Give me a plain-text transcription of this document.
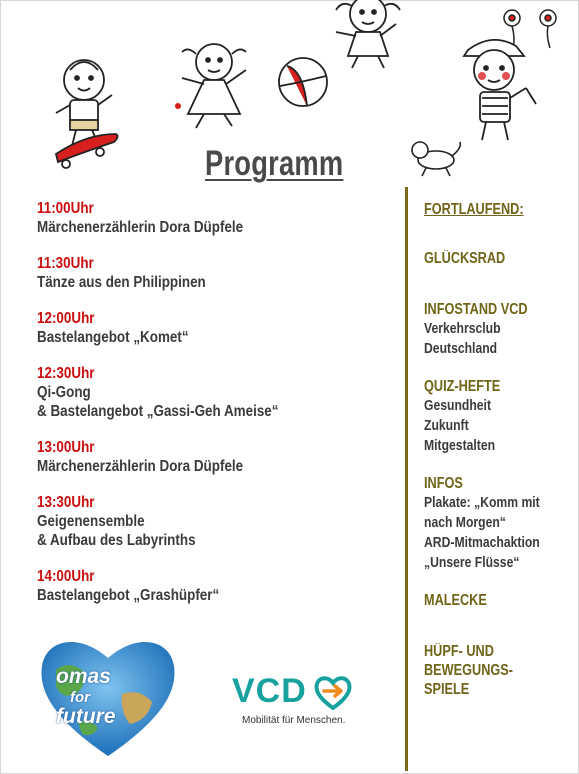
Programm
11:00Uhr
Märchenerzählerin Dora Düpfele
11:30Uhr
Tänze aus den Philippinen
12:00Uhr
Bastelangebot „Komet“
12:30Uhr
Qi-Gong
& Bastelangebot „Gassi-Geh Ameise“
13:00Uhr
Märchenerzählerin Dora Düpfele
13:30Uhr
Geigenensemble
& Aufbau des Labyrinths
14:00Uhr
Bastelangebot „Grashüpfer“
FORTLAUFEND:
GLÜCKSRAD
INFOSTAND VCD
Verkehrsclub
Deutschland
QUIZ-HEFTE
Gesundheit
Zukunft
Mitgestalten
INFOS
Plakate: „Komm mit
nach Morgen“
ARD-Mitmachaktion
„Unsere Flüsse“
MALECKE
HÜPF- UND
BEWEGUNGS-
SPIELE
omas
for
future
VCD
Mobilität für Menschen.
